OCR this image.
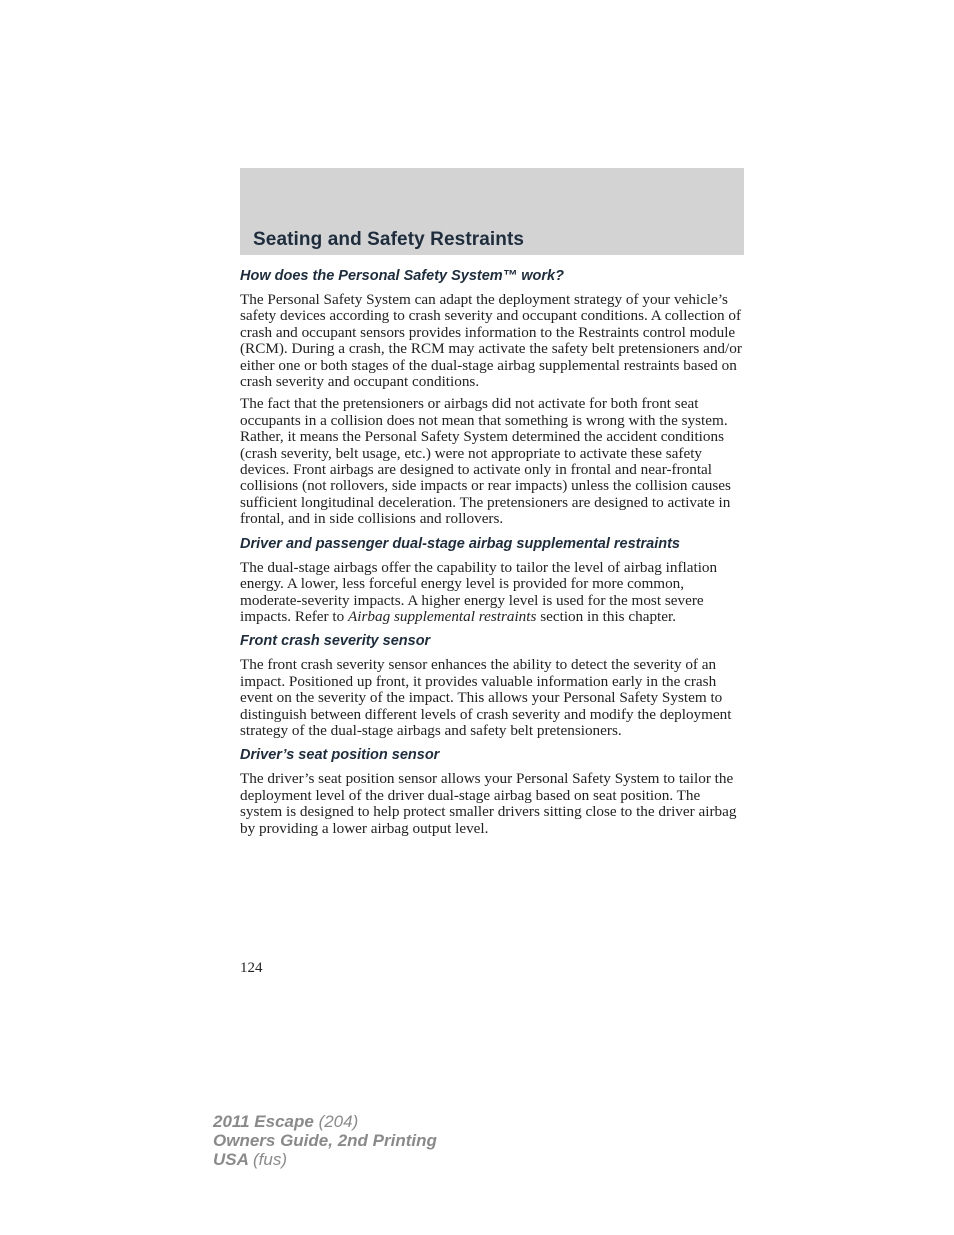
Seating and Safety Restraints
How does the Personal Safety System™ work?

The Personal Safety System can adapt the deployment strategy of your vehicle’s safety devices according to crash severity and occupant conditions. A collection of crash and occupant sensors provides information to the Restraints control module (RCM). During a crash, the RCM may activate the safety belt pretensioners and/or either one or both stages of the dual-stage airbag supplemental restraints based on crash severity and occupant conditions.

The fact that the pretensioners or airbags did not activate for both front seat occupants in a collision does not mean that something is wrong with the system. Rather, it means the Personal Safety System determined the accident conditions (crash severity, belt usage, etc.) were not appropriate to activate these safety devices. Front airbags are designed to activate only in frontal and near-frontal collisions (not rollovers, side impacts or rear impacts) unless the collision causes sufficient longitudinal deceleration. The pretensioners are designed to activate in frontal, and in side collisions and rollovers.

Driver and passenger dual-stage airbag supplemental restraints

The dual-stage airbags offer the capability to tailor the level of airbag inflation energy. A lower, less forceful energy level is provided for more common, moderate-severity impacts. A higher energy level is used for the most severe impacts. Refer to Airbag supplemental restraints section in this chapter.

Front crash severity sensor

The front crash severity sensor enhances the ability to detect the severity of an impact. Positioned up front, it provides valuable information early in the crash event on the severity of the impact. This allows your Personal Safety System to distinguish between different levels of crash severity and modify the deployment strategy of the dual-stage airbags and safety belt pretensioners.

Driver’s seat position sensor

The driver’s seat position sensor allows your Personal Safety System to tailor the deployment level of the driver dual-stage airbag based on seat position. The system is designed to help protect smaller drivers sitting close to the driver airbag by providing a lower airbag output level.

124

2011 Escape (204)
Owners Guide, 2nd Printing
USA (fus)
